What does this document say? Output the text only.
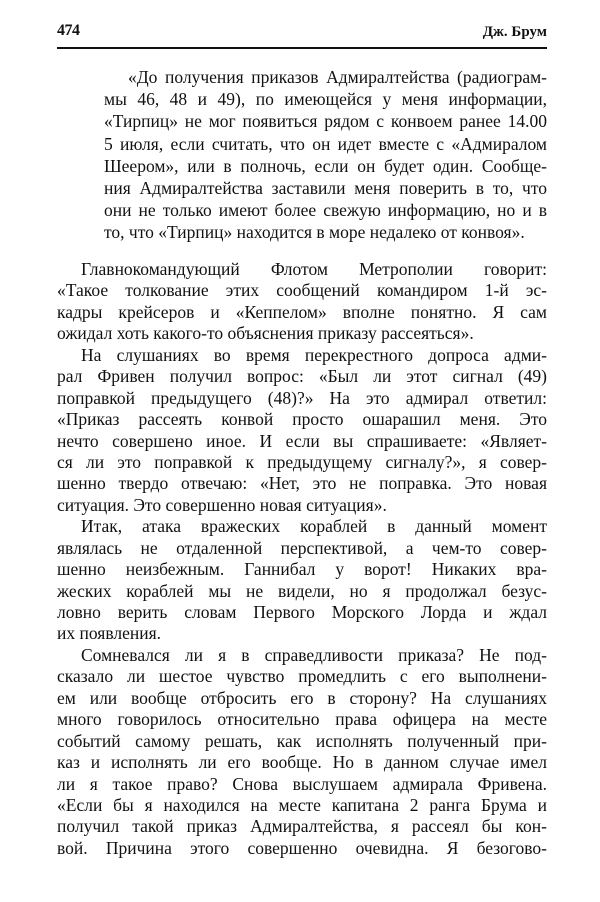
474	Дж. Брум
«До получения приказов Адмиралтейства (радиограм-
мы 46, 48 и 49), по имеющейся у меня информации,
«Тирпиц» не мог появиться рядом с конвоем ранее 14.00
5 июля, если считать, что он идет вместе с «Адмиралом
Шеером», или в полночь, если он будет один. Сообще-
ния Адмиралтейства заставили меня поверить в то, что
они не только имеют более свежую информацию, но и в
то, что «Тирпиц» находится в море недалеко от конвоя».
Главнокомандующий Флотом Метрополии говорит:
«Такое толкование этих сообщений командиром 1-й эс-
кадры крейсеров и «Кеппелом» вполне понятно. Я сам
ожидал хоть какого-то объяснения приказу рассеяться».
На слушаниях во время перекрестного допроса адми-
рал Фривен получил вопрос: «Был ли этот сигнал (49)
поправкой предыдущего (48)?» На это адмирал ответил:
«Приказ рассеять конвой просто ошарашил меня. Это
нечто совершено иное. И если вы спрашиваете: «Являет-
ся ли это поправкой к предыдущему сигналу?», я совер-
шенно твердо отвечаю: «Нет, это не поправка. Это новая
ситуация. Это совершенно новая ситуация».
Итак, атака вражеских кораблей в данный момент
являлась не отдаленной перспективой, а чем-то совер-
шенно неизбежным. Ганнибал у ворот! Никаких вра-
жеских кораблей мы не видели, но я продолжал безус-
ловно верить словам Первого Морского Лорда и ждал
их появления.
Сомневался ли я в справедливости приказа? Не под-
сказало ли шестое чувство промедлить с его выполнени-
ем или вообще отбросить его в сторону? На слушаниях
много говорилось относительно права офицера на месте
событий самому решать, как исполнять полученный при-
каз и исполнять ли его вообще. Но в данном случае имел
ли я такое право? Снова выслушаем адмирала Фривена.
«Если бы я находился на месте капитана 2 ранга Брума и
получил такой приказ Адмиралтейства, я рассеял бы кон-
вой. Причина этого совершенно очевидна. Я безогово-
